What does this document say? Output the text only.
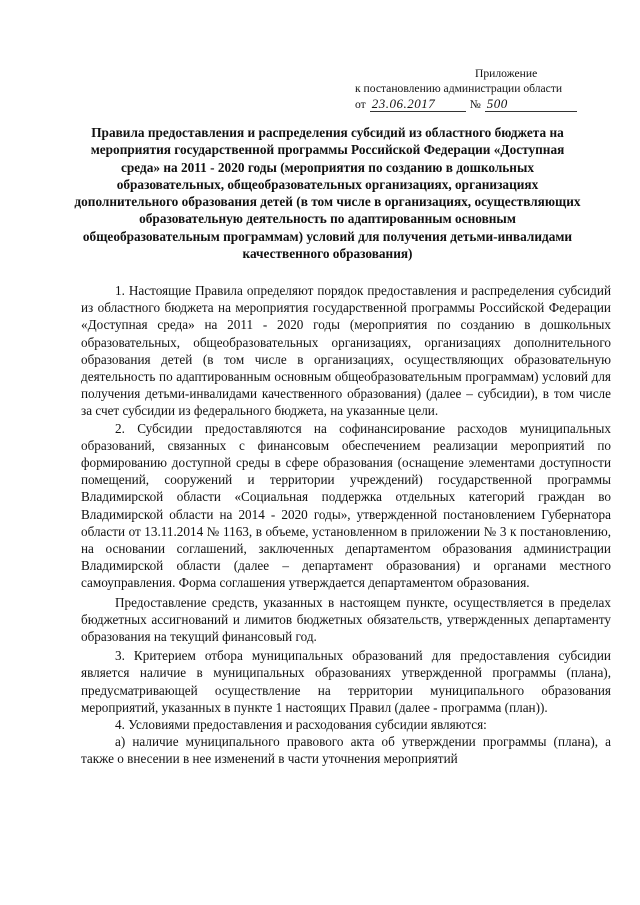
Приложение
к постановлению администрации области
от 23.06.2017	№ 500
Правила предоставления и распределения субсидий из областного бюджета на мероприятия государственной программы Российской Федерации «Доступная среда» на 2011 - 2020 годы (мероприятия по созданию в дошкольных образовательных, общеобразовательных организациях, организациях дополнительного образования детей (в том числе в организациях, осуществляющих образовательную деятельность по адаптированным основным общеобразовательным программам) условий для получения детьми-инвалидами качественного образования)

1. Настоящие Правила определяют порядок предоставления и распределения субсидий из областного бюджета на мероприятия государственной программы Российской Федерации «Доступная среда» на 2011 - 2020 годы (мероприятия по созданию в дошкольных образовательных, общеобразовательных организациях, организациях дополнительного образования детей (в том числе в организациях, осуществляющих образовательную деятельность по адаптированным основным общеобразовательным программам) условий для получения детьми-инвалидами качественного образования) (далее – субсидии), в том числе за счет субсидии из федерального бюджета, на указанные цели.

2. Субсидии предоставляются на софинансирование расходов муниципальных образований, связанных с финансовым обеспечением реализации мероприятий по формированию доступной среды в сфере образования (оснащение элементами доступности помещений, сооружений и территории учреждений) государственной программы Владимирской области «Социальная поддержка отдельных категорий граждан во Владимирской области на 2014 - 2020 годы», утвержденной постановлением Губернатора области от 13.11.2014 № 1163, в объеме, установленном в приложении № 3 к постановлению, на основании соглашений, заключенных департаментом образования администрации Владимирской области (далее – департамент образования) и органами местного самоуправления. Форма соглашения утверждается департаментом образования.

Предоставление средств, указанных в настоящем пункте, осуществляется в пределах бюджетных ассигнований и лимитов бюджетных обязательств, утвержденных департаменту образования на текущий финансовый год.

3. Критерием отбора муниципальных образований для предоставления субсидии является наличие в муниципальных образованиях утвержденной программы (плана), предусматривающей осуществление на территории муниципального образования мероприятий, указанных в пункте 1 настоящих Правил (далее - программа (план)).

4. Условиями предоставления и расходования субсидии являются:

а) наличие муниципального правового акта об утверждении программы (плана), а также о внесении в нее изменений в части уточнения мероприятий
